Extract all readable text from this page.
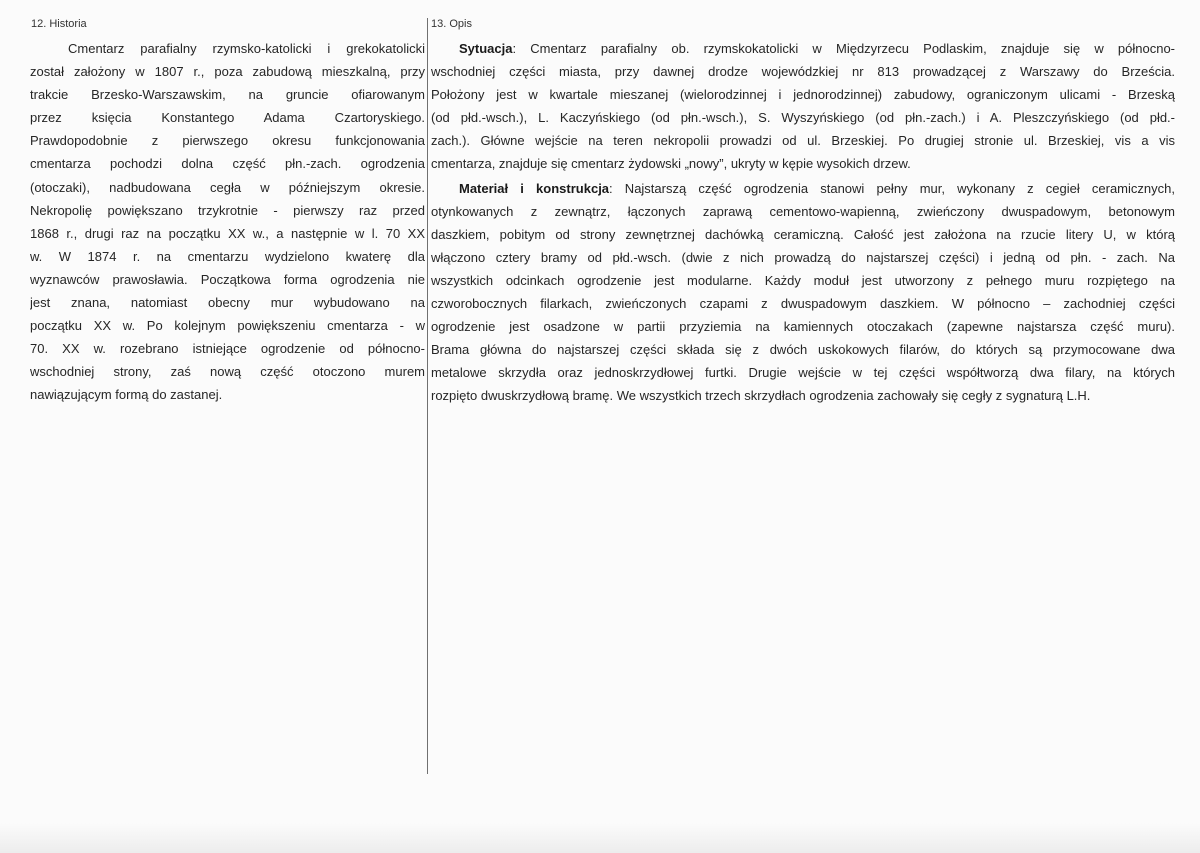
12. Historia
Cmentarz parafialny rzymsko-katolicki i grekokatolicki
został założony w 1807 r., poza zabudową mieszkalną, przy
trakcie Brzesko-Warszawskim, na gruncie ofiarowanym
przez księcia Konstantego Adama Czartoryskiego.
Prawdopodobnie z pierwszego okresu funkcjonowania
cmentarza pochodzi dolna część płn.-zach. ogrodzenia
(otoczaki), nadbudowana cegła w późniejszym okresie.
Nekropolię powiększano trzykrotnie - pierwszy raz przed
1868 r., drugi raz na początku XX w., a następnie w l. 70 XX
w. W 1874 r. na cmentarzu wydzielono kwaterę dla
wyznawców prawosławia. Początkowa forma ogrodzenia nie
jest znana, natomiast obecny mur wybudowano na
początku XX w. Po kolejnym powiększeniu cmentarza - w
70. XX w. rozebrano istniejące ogrodzenie od północno-
wschodniej strony, zaś nową część otoczono murem
nawiązującym formą do zastanej.
13. Opis
Sytuacja: Cmentarz parafialny ob. rzymskokatolicki w Międzyrzecu Podlaskim, znajduje się w północno-
wschodniej części miasta, przy dawnej drodze wojewódzkiej nr 813 prowadzącej z Warszawy do Brześcia.
Położony jest w kwartale mieszanej (wielorodzinnej i jednorodzinnej) zabudowy, ograniczonym ulicami - Brzeską
(od płd.-wsch.), L. Kaczyńskiego (od płn.-wsch.), S. Wyszyńskiego (od płn.-zach.) i A. Pleszczyńskiego (od płd.-
zach.). Główne wejście na teren nekropolii prowadzi od ul. Brzeskiej. Po drugiej stronie ul. Brzeskiej, vis a vis
cmentarza, znajduje się cmentarz żydowski „nowy”, ukryty w kępie wysokich drzew.
Materiał i konstrukcja: Najstarszą część ogrodzenia stanowi pełny mur, wykonany z cegieł ceramicznych,
otynkowanych z zewnątrz, łączonych zaprawą cementowo-wapienną, zwieńczony dwuspadowym, betonowym
daszkiem, pobitym od strony zewnętrznej dachówką ceramiczną. Całość jest założona na rzucie litery U, w którą
włączono cztery bramy od płd.-wsch. (dwie z nich prowadzą do najstarszej części) i jedną od płn. - zach. Na
wszystkich odcinkach ogrodzenie jest modularne. Każdy moduł jest utworzony z pełnego muru rozpiętego na
czworobocznych filarkach, zwieńczonych czapami z dwuspadowym daszkiem. W północno – zachodniej części
ogrodzenie jest osadzone w partii przyziemia na kamiennych otoczakach (zapewne najstarsza część muru).
Brama główna do najstarszej części składa się z dwóch uskokowych filarów, do których są przymocowane dwa
metalowe skrzydła oraz jednoskrzydłowej furtki. Drugie wejście w tej części współtworzą dwa filary, na których
rozpięto dwuskrzydłową bramę. We wszystkich trzech skrzydłach ogrodzenia zachowały się cegły z sygnaturą L.H.
